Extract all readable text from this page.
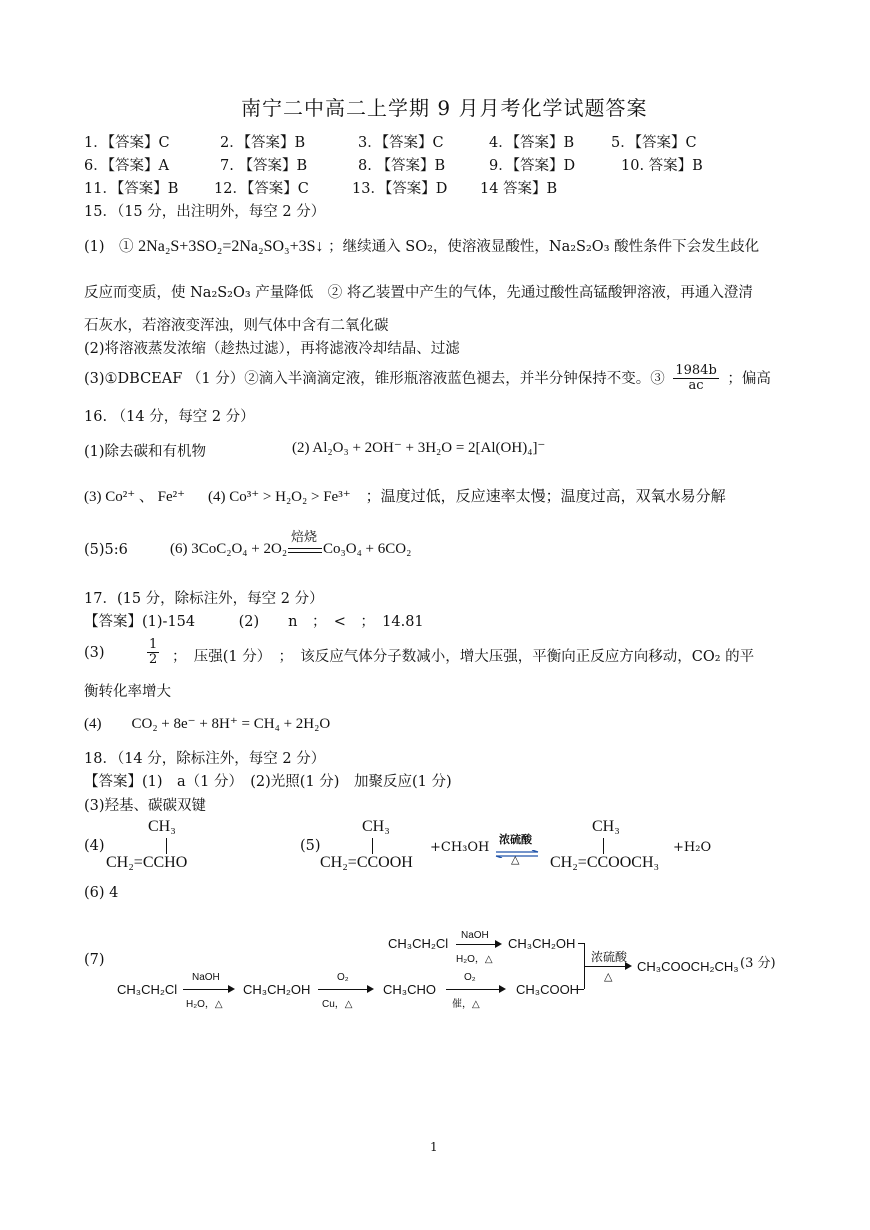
南宁二中高二上学期 9 月月考化学试题答案
1．【答案】C	2．【答案】B	3．【答案】C	4．【答案】B	5．【答案】C
6．【答案】A	7. 【答案】B	8. 【答案】B	9．【答案】D	10. 答案】B
11．【答案】B 12．【答案】C	13．【答案】D 14 答案】B
15．（15 分，出注明外，每空 2 分）
(1)　① 2Na₂S+3SO₂=2Na₂SO₃+3S↓ ；继续通入 SO₂，使溶液显酸性，Na₂S₂O₃ 酸性条件下会发生歧化
反应而变质，使 Na₂S₂O₃ 产量降低　② 将乙装置中产生的气体，先通过酸性高锰酸钾溶液，再通入澄清
石灰水，若溶液变浑浊，则气体中含有二氧化碳
(2)将溶液蒸发浓缩（趁热过滤），再将滤液冷却结晶、过滤
(3)①DBCEAF （1 分）②滴入半滴滴定液，锥形瓶溶液蓝色褪去，并半分钟保持不变。③ $\frac{1984b}{ac}$ ；偏高
16. （14 分，每空 2 分）
(1)除去碳和有机物	(2) Al₂O₃ + 2OH⁻ + 3H₂O = 2[Al(OH)₄]⁻
(3) Co²⁺ 、 Fe²⁺ (4) Co³⁺ > H₂O₂ > Fe³⁺　；温度过低，反应速率太慢；温度过高，双氧水易分解
(5)5:6	(6) 3CoC₂O₄ + 2O₂
焙烧
Co₃O₄ + 6CO₂
17．(15 分，除标注外，每空 2 分）
【答案】(1)-154　　　(2)　　n　；　<　；　14.81
(3)	$\frac{1}{2}$ ；　压强(1 分）　；　该反应气体分子数减小，增大压强，平衡向正反应方向移动，CO₂ 的平
衡转化率增大
(4)　　CO₂ + 8e⁻ + 8H⁺ = CH₄ + 2H₂O
18．（14 分，除标注外，每空 2 分）
【答案】(1)　a（1 分）　(2)光照(1 分)　加聚反应(1 分)
(3)羟基、碳碳双键
(4)
CH₃
CH₂=CCHO
(5)
CH₃
CH₂=CCOOH
+CH₃OH 浓硫酸
△
CH₃
CH₂=CCOOCH₃
+H₂O
(6) 4
(7)
CH₃CH₂Cl
NaOH
H₂O，△
CH₃CH₂OH
CH₃CH₂Cl
NaOH
H₂O，△
CH₃CH₂OH
O₂
Cu，△
CH₃CHO
O₂
催，△
CH₃COOH
浓硫酸
△
CH₃COOCH₂CH₃ (3 分)
1
